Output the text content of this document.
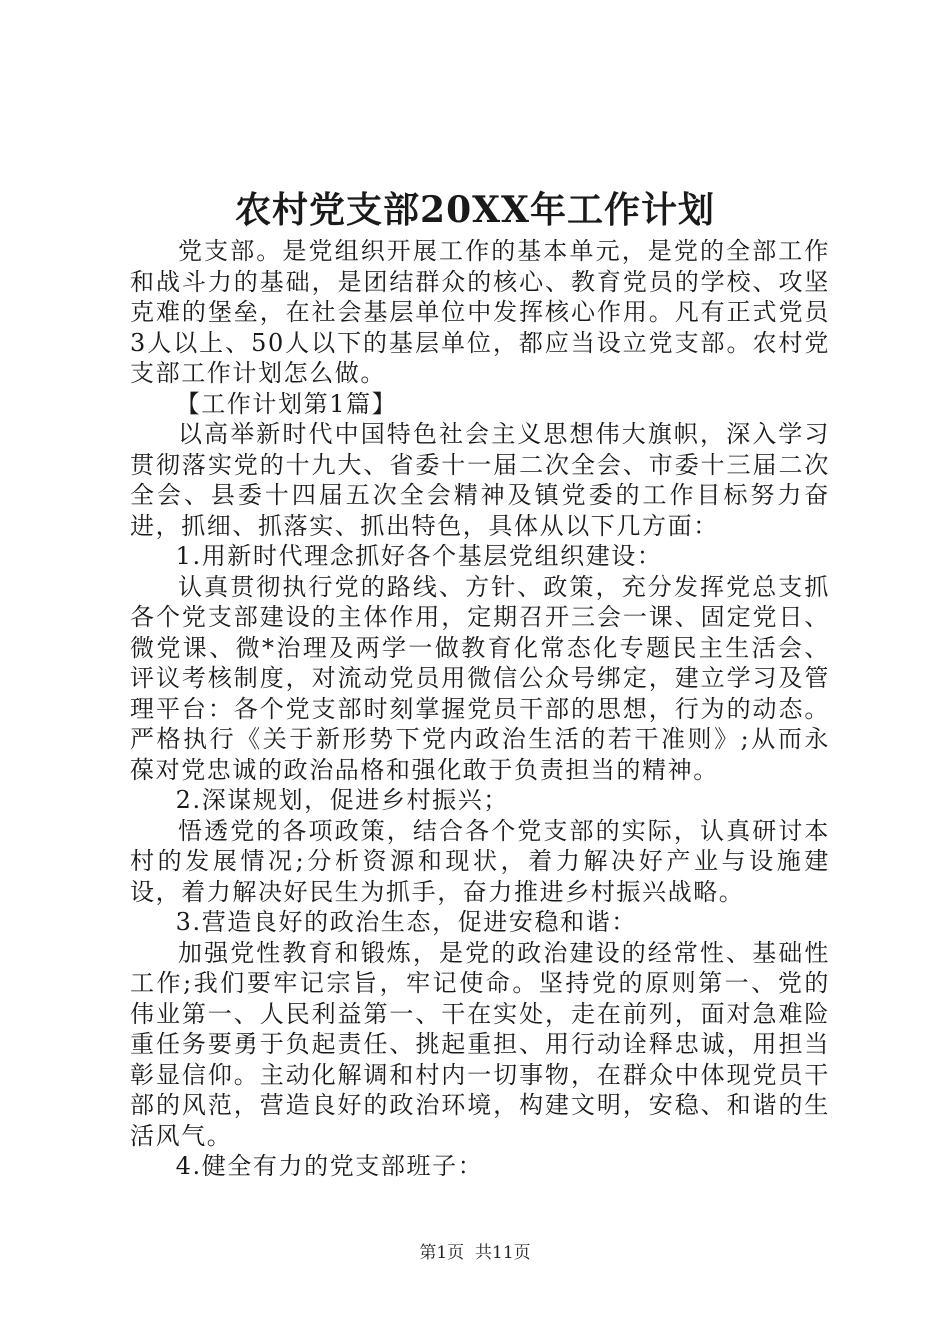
农村党支部20XX年工作计划

党支部。是党组织开展工作的基本单元，是党的全部工作和战斗力的基础，是团结群众的核心、教育党员的学校、攻坚克难的堡垒，在社会基层单位中发挥核心作用。凡有正式党员3人以上、50人以下的基层单位，都应当设立党支部。农村党支部工作计划怎么做。

【工作计划第1篇】

以高举新时代中国特色社会主义思想伟大旗帜，深入学习贯彻落实党的十九大、省委十一届二次全会、市委十三届二次全会、县委十四届五次全会精神及镇党委的工作目标努力奋进，抓细、抓落实、抓出特色，具体从以下几方面：

1.用新时代理念抓好各个基层党组织建设：

认真贯彻执行党的路线、方针、政策，充分发挥党总支抓各个党支部建设的主体作用，定期召开三会一课、固定党日、微党课、微*治理及两学一做教育化常态化专题民主生活会、评议考核制度，对流动党员用微信公众号绑定，建立学习及管理平台：各个党支部时刻掌握党员干部的思想，行为的动态。严格执行《关于新形势下党内政治生活的若干准则》;从而永葆对党忠诚的政治品格和强化敢于负责担当的精神。

2.深谋规划，促进乡村振兴；

悟透党的各项政策，结合各个党支部的实际，认真研讨本村的发展情况;分析资源和现状，着力解决好产业与设施建设，着力解决好民生为抓手，奋力推进乡村振兴战略。

3.营造良好的政治生态，促进安稳和谐：

加强党性教育和锻炼，是党的政治建设的经常性、基础性工作;我们要牢记宗旨，牢记使命。坚持党的原则第一、党的伟业第一、人民利益第一、干在实处，走在前列，面对急难险重任务要勇于负起责任、挑起重担、用行动诠释忠诚，用担当彰显信仰。主动化解调和村内一切事物，在群众中体现党员干部的风范，营造良好的政治环境，构建文明，安稳、和谐的生活风气。

4.健全有力的党支部班子：

第1页 共11页
